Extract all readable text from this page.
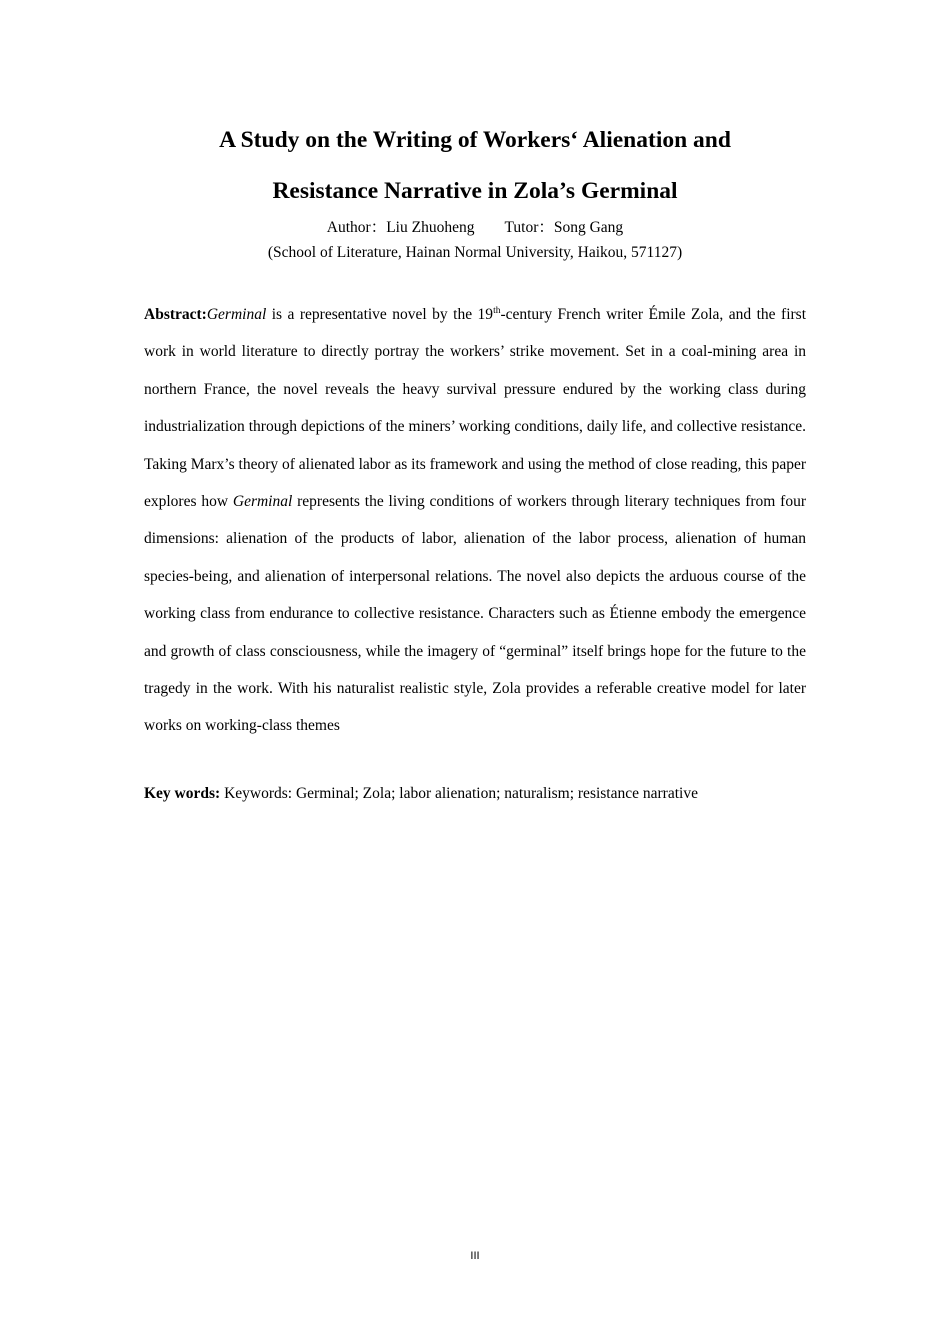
A Study on the Writing of Workers‘ Alienation and
Resistance Narrative in Zola’s Germinal
Author：Liu Zhuoheng Tutor：Song Gang
(School of Literature, Hainan Normal University, Haikou, 571127)

Abstract:Germinal is a representative novel by the 19th-century French writer Émile Zola, and the first work in world literature to directly portray the workers’ strike movement. Set in a coal‐mining area in northern France, the novel reveals the heavy survival pressure endured by the working class during industrialization through depictions of the miners’ working conditions, daily life, and collective resistance. Taking Marx’s theory of alienated labor as its framework and using the method of close reading, this paper explores how Germinal represents the living conditions of workers through literary techniques from four dimensions: alienation of the products of labor, alienation of the labor process, alienation of human species-being, and alienation of interpersonal relations. The novel also depicts the arduous course of the working class from endurance to collective resistance. Characters such as Étienne embody the emergence and growth of class consciousness, while the imagery of “germinal” itself brings hope for the future to the tragedy in the work. With his naturalist realistic style, Zola provides a referable creative model for later works on working-class themes

Key words: Keywords: Germinal; Zola; labor alienation; naturalism; resistance narrative

III
